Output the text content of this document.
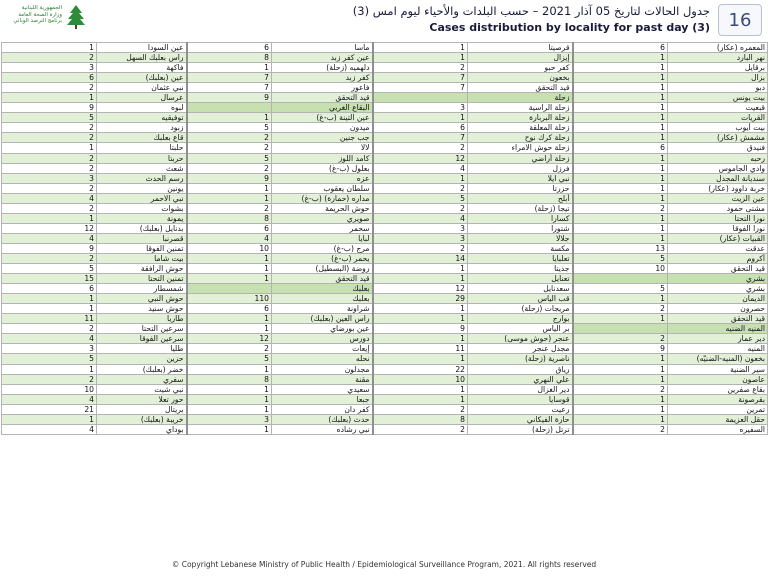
الجمهورية اللبنانية
وزارة الصحة العامة
برنامج الترصد الوبائي
جدول الحالات لتاريخ 05 آذار 2021 – حسب البلدات والأحياء ليوم امس (3)
Cases distribution by locality for past day (3)	16
1	عين السودا	6	ماسا	1	قرصيتا	6	المعمره (عكار)
2	راس بعلبك السهل	8	عين كفر زبد	1	إيزال	1	نهر البارد
3	فاكهة	1	دلهميه (زحلة)	2	كفر حبو	1	برقايل
6	عين (بعلبك)	7	كفر زبد	7	بخعون	1	بزال
2	نبي عثمان	7	فاعور	7	قيد التحقق	1	دبو
1	عرسال	9	قيد التحقق		زحلة	1	بيت يونس
9	لبوه		البقاع الغربي	3	زحلة الراسية	1	قبعيت
5	توفيقيه	1	عين التينة (ب-غ)	1	زحلة البربارة	1	القريات
2	زبود	5	ميدون	6	زحلة المعلقة	1	بيت أيوب
2	قاع بعلبك	2	جب جنين	7	زحلة كرك نوح	1	مشمش (عكار)
1	حلبتا	2	لالا	2	زحلة حوش الامراء	6	فنيدق
2	حربتا	5	كامد اللوز	12	زحلة أراضي	1	رحبه
2	شعث	2	بعلول (ب-غ)	4	فرزل	1	وادي الجاموس
3	رسم الحدث	9	عزه	1	نبي ايلا	1	سنديانة المجدل
2	يونين	1	سلطان يعقوب	2	حزرتا	1	خربة داوود (عكار)
4	نبي الاحمر	1	مداره (حمارة) (ب-غ)	5	أبلح	1	عين الزيت
2	بشوات	2	حوش الحريمة	2	تيجا (زحلة)	2	مشتى حمود
1	يمونة	8	صويري	4	كسارا	1	نورا التحتا
12	بدنايل (بعلبك)	6	سحمر	3	شتورا	1	نورا الفوقا
4	قصرنبا	4	لبايا	3	جلالا	1	القبيات (عكار)
9	تمنين الفوقا	10	مرج (ب-غ)	2	مكسة	13	عدقت
2	بيت شاما	1	يحمر (ب-غ)	14	تعلبايا	5	أكروم
5	حوش الرافقة	1	روضة (البسطيل)	1	جديتا	10	قيد التحقق
15	تمنين التحتا	1	قيد التحقق	1	تعنايل		بشري
6	شمسطار		بعلبك	12	سعدنايل	5	بشري
1	حوش النبي	110	بعلبك	29	قب الياس	1	الديمان
1	حوش سنيد	6	شراونة	1	مريجات (زحلة)	2	حصرون
11	طاريا	1	راس العين (بعلبك)	1	بوارج	1	قيد التحقق
2	سرعين التحتا	1	عين بورضاي	9	بر الياس		المنيه الضنيه
4	سرعين الفوقا	12	دورس	1	عنجر (حوش موسى)	2	دير عمار
3	طليا	2	إيعات	11	مجدل عنجر	9	المنيه
5	حزين	5	نحله	1	ناصرية (زحلة)	1	بخعون (المنيه-الضنيّه)
1	خضر (بعلبك)	1	مجدلون	22	رياق	1	سير الضنية
2	سفري	8	مقنة	10	علي النهري	1	عاصون
10	نبي شيت	1	سعيدي	1	دير الغزال	2	بقاع صفرين
4	حور تعلا	1	جبعا	1	قوسايا	1	بقرصونة
21	بريتال	1	كفر دان	2	رعيت	1	تمرين
1	خريبة (بعلبك)	3	حدث (بعلبك)	8	حارة الفيكاني	1	حقل العزيمة
4	بوداي	1	نبي رشاده	2	ترتل (زحلة)	2	السفيره
© Copyright Lebanese Ministry of Public Health / Epidemiological Surveillance Program, 2021. All rights reserved
